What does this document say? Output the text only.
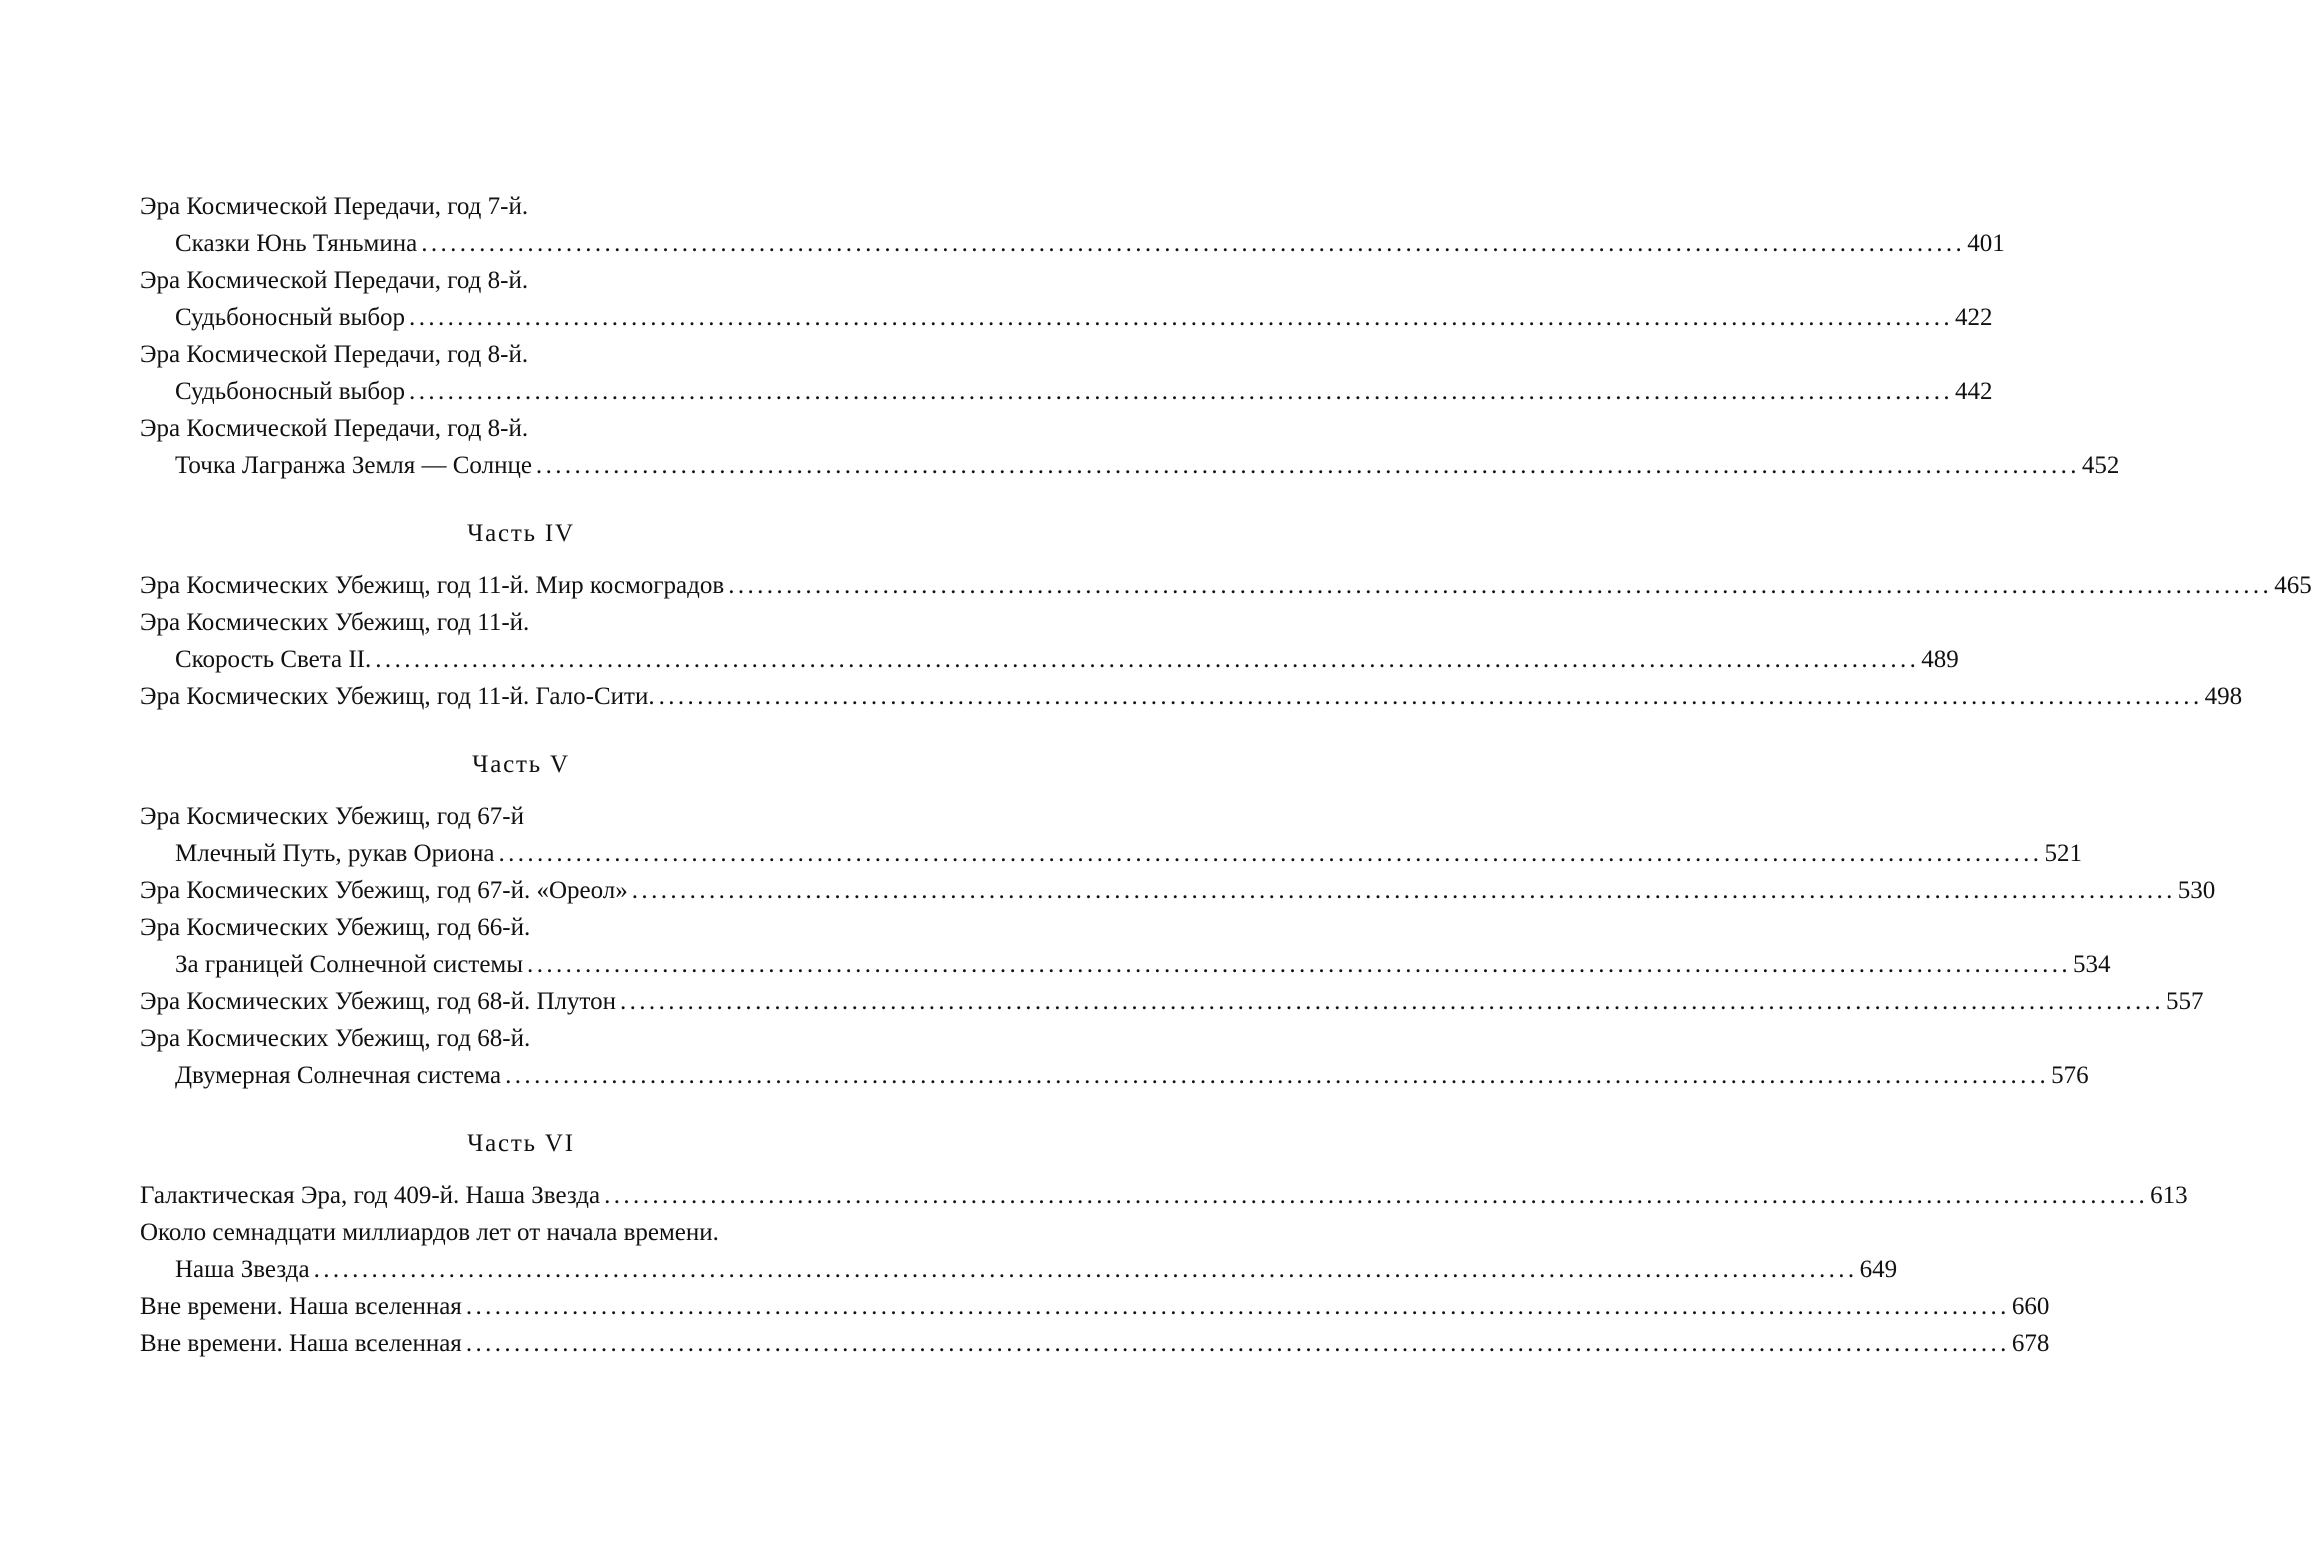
Эра Космической Передачи, год 7-й.
Сказки Юнь Тяньмина ................................................................................................................................................................ 401
Эра Космической Передачи, год 8-й.
Судьбоносный выбор ................................................................................................................................................................ 422
Эра Космической Передачи, год 8-й.
Судьбоносный выбор ................................................................................................................................................................ 442
Эра Космической Передачи, год 8-й.
Точка Лагранжа Земля — Солнце ................................................................................................................................................................ 452
Часть IV
Эра Космических Убежищ, год 11-й. Мир космоградов ................................................................................................................................................................ 465
Эра Космических Убежищ, год 11-й.
Скорость Света II. ................................................................................................................................................................ 489
Эра Космических Убежищ, год 11-й. Гало-Сити. ................................................................................................................................................................ 498
Часть V
Эра Космических Убежищ, год 67-й
Млечный Путь, рукав Ориона ................................................................................................................................................................ 521
Эра Космических Убежищ, год 67-й. «Ореол» ................................................................................................................................................................ 530
Эра Космических Убежищ, год 66-й.
За границей Солнечной системы ................................................................................................................................................................ 534
Эра Космических Убежищ, год 68-й. Плутон ................................................................................................................................................................ 557
Эра Космических Убежищ, год 68-й.
Двумерная Солнечная система ................................................................................................................................................................ 576
Часть VI
Галактическая Эра, год 409-й. Наша Звезда ................................................................................................................................................................ 613
Около семнадцати миллиардов лет от начала времени.
Наша Звезда ................................................................................................................................................................ 649
Вне времени. Наша вселенная ................................................................................................................................................................ 660
Вне времени. Наша вселенная ................................................................................................................................................................ 678
